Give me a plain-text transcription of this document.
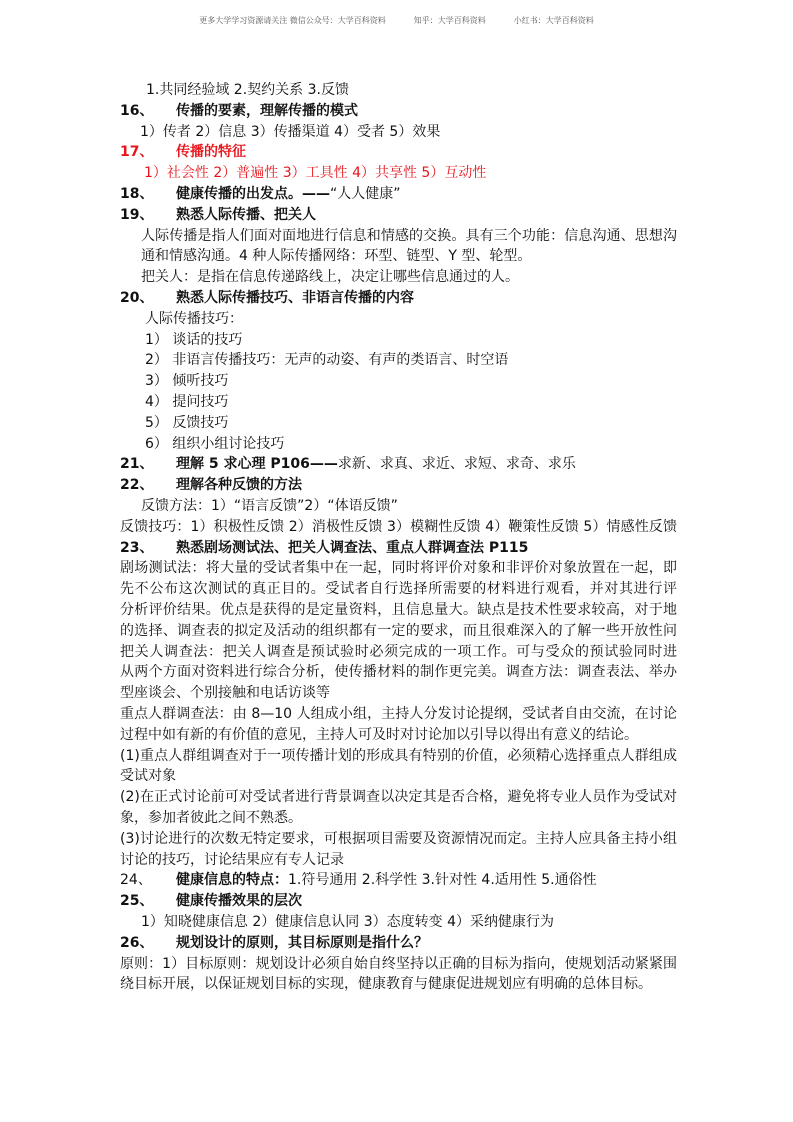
更多大学学习资源请关注 微信公众号：大学百科资料	知乎：大学百科资料	小红书：大学百科资料
1.共同经验域 2.契约关系 3.反馈
16、 传播的要素，理解传播的模式
1）传者 2）信息 3）传播渠道 4）受者 5）效果
17、 传播的特征
1）社会性 2）普遍性 3）工具性 4）共享性 5）互动性
18、 健康传播的出发点。——“人人健康”
19、 熟悉人际传播、把关人
人际传播是指人们面对面地进行信息和情感的交换。具有三个功能：信息沟通、思想沟
通和情感沟通。4 种人际传播网络：环型、链型、Y 型、轮型。
把关人：是指在信息传递路线上，决定让哪些信息通过的人。
20、 熟悉人际传播技巧、非语言传播的内容
人际传播技巧：
1） 谈话的技巧
2） 非语言传播技巧：无声的动姿、有声的类语言、时空语
3） 倾听技巧
4） 提问技巧
5） 反馈技巧
6） 组织小组讨论技巧
21、 理解 5 求心理 P106——求新、求真、求近、求短、求奇、求乐
22、 理解各种反馈的方法
反馈方法：1）“语言反馈”2）“体语反馈”
反馈技巧：1）积极性反馈 2）消极性反馈 3）模糊性反馈 4）鞭策性反馈 5）情感性反馈
23、 熟悉剧场测试法、把关人调查法、重点人群调查法 P115
剧场测试法：将大量的受试者集中在一起，同时将评价对象和非评价对象放置在一起，即
先不公布这次测试的真正目的。受试者自行选择所需要的材料进行观看，并对其进行评
分析评价结果。优点是获得的是定量资料，且信息量大。缺点是技术性要求较高，对于地
的选择、调查表的拟定及活动的组织都有一定的要求，而且很难深入的了解一些开放性问
把关人调查法：把关人调查是预试验时必须完成的一项工作。可与受众的预试验同时进
从两个方面对资料进行综合分析，使传播材料的制作更完美。调查方法：调查表法、举办
型座谈会、个别接触和电话访谈等
重点人群调查法：由 8—10 人组成小组，主持人分发讨论提纲，受试者自由交流，在讨论
过程中如有新的有价值的意见，主持人可及时对讨论加以引导以得出有意义的结论。
(1)重点人群组调查对于一项传播计划的形成具有特别的价值，必须精心选择重点人群组成
受试对象
(2)在正式讨论前可对受试者进行背景调查以决定其是否合格，避免将专业人员作为受试对
象，参加者彼此之间不熟悉。
(3)讨论进行的次数无特定要求，可根据项目需要及资源情况而定。主持人应具备主持小组
讨论的技巧，讨论结果应有专人记录
24、 健康信息的特点：1.符号通用 2.科学性 3.针对性 4.适用性 5.通俗性
25、 健康传播效果的层次
1）知晓健康信息 2）健康信息认同 3）态度转变 4）采纳健康行为
26、 规划设计的原则，其目标原则是指什么？
原则：1）目标原则：规划设计必须自始自终坚持以正确的目标为指向，使规划活动紧紧围
绕目标开展，以保证规划目标的实现，健康教育与健康促进规划应有明确的总体目标。
